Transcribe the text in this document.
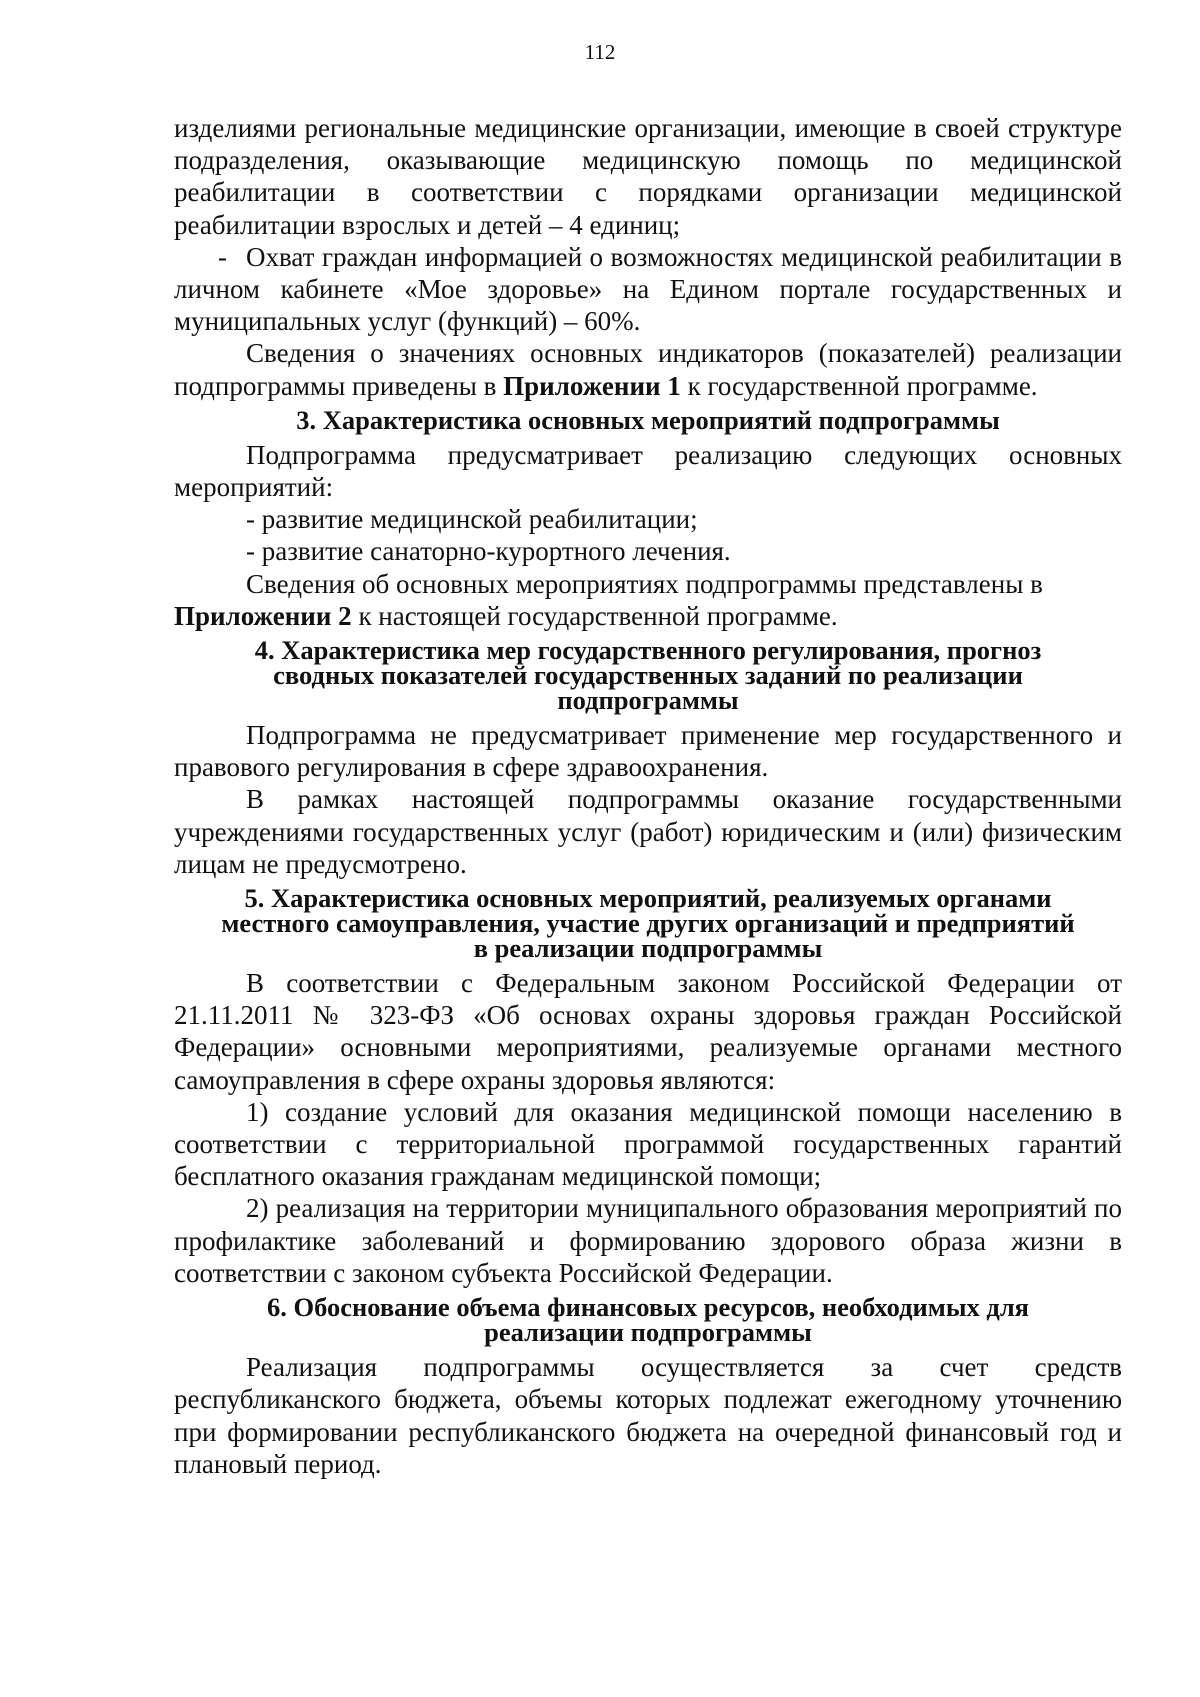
112

изделиями региональные медицинские организации, имеющие в своей структуре подразделения, оказывающие медицинскую помощь по медицинской реабилитации в соответствии с порядками организации медицинской реабилитации взрослых и детей – 4 единиц;

- Охват граждан информацией о возможностях медицинской реабилитации в личном кабинете «Мое здоровье» на Едином портале государственных и муниципальных услуг (функций) – 60%.

Сведения о значениях основных индикаторов (показателей) реализации подпрограммы приведены в Приложении 1 к государственной программе.

3. Характеристика основных мероприятий подпрограммы

Подпрограмма предусматривает реализацию следующих основных мероприятий:

- развитие медицинской реабилитации;

- развитие санаторно-курортного лечения.

Сведения об основных мероприятиях подпрограммы представлены в

Приложении 2 к настоящей государственной программе.

4. Характеристика мер государственного регулирования, прогноз
сводных показателей государственных заданий по реализации
подпрограммы

Подпрограмма не предусматривает применение мер государственного и правового регулирования в сфере здравоохранения.

В рамках настоящей подпрограммы оказание государственными учреждениями государственных услуг (работ) юридическим и (или) физическим лицам не предусмотрено.

5. Характеристика основных мероприятий, реализуемых органами
местного самоуправления, участие других организаций и предприятий
в реализации подпрограммы

В соответствии с Федеральным законом Российской Федерации от 21.11.2011 № 323-ФЗ «Об основах охраны здоровья граждан Российской Федерации» основными мероприятиями, реализуемые органами местного самоуправления в сфере охраны здоровья являются:

1) создание условий для оказания медицинской помощи населению в соответствии с территориальной программой государственных гарантий бесплатного оказания гражданам медицинской помощи;

2) реализация на территории муниципального образования мероприятий по профилактике заболеваний и формированию здорового образа жизни в соответствии с законом субъекта Российской Федерации.

6. Обоснование объема финансовых ресурсов, необходимых для
реализации подпрограммы

Реализация подпрограммы осуществляется за счет средств республиканского бюджета, объемы которых подлежат ежегодному уточнению при формировании республиканского бюджета на очередной финансовый год и плановый период.
